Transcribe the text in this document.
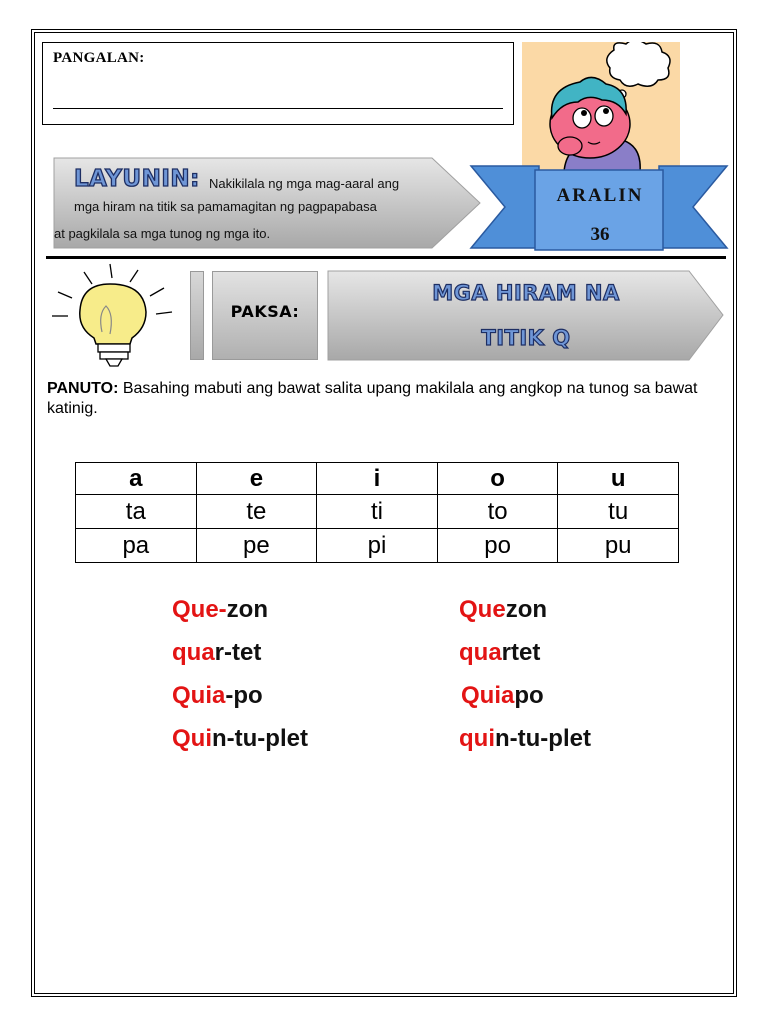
PANGALAN:
LAYUNIN: Nakikilala ng mga mag-aaral ang
mga hiram na titik sa pamamagitan ng pagpapabasa
at pagkilala sa mga tunog ng mga ito.
ARALIN
36
PAKSA:
MGA HIRAM NA
TITIK Q
PANUTO: Basahing mabuti ang bawat salita upang makilala ang angkop na tunog sa bawat katinig.
a	e	i	o	u
ta	te	ti	to	tu
pa	pe	pi	po	pu
Que-zon
quar-tet
Quia-po
Quin-tu-plet
Quezon
quartet
Quiapo
quin-tu-plet
